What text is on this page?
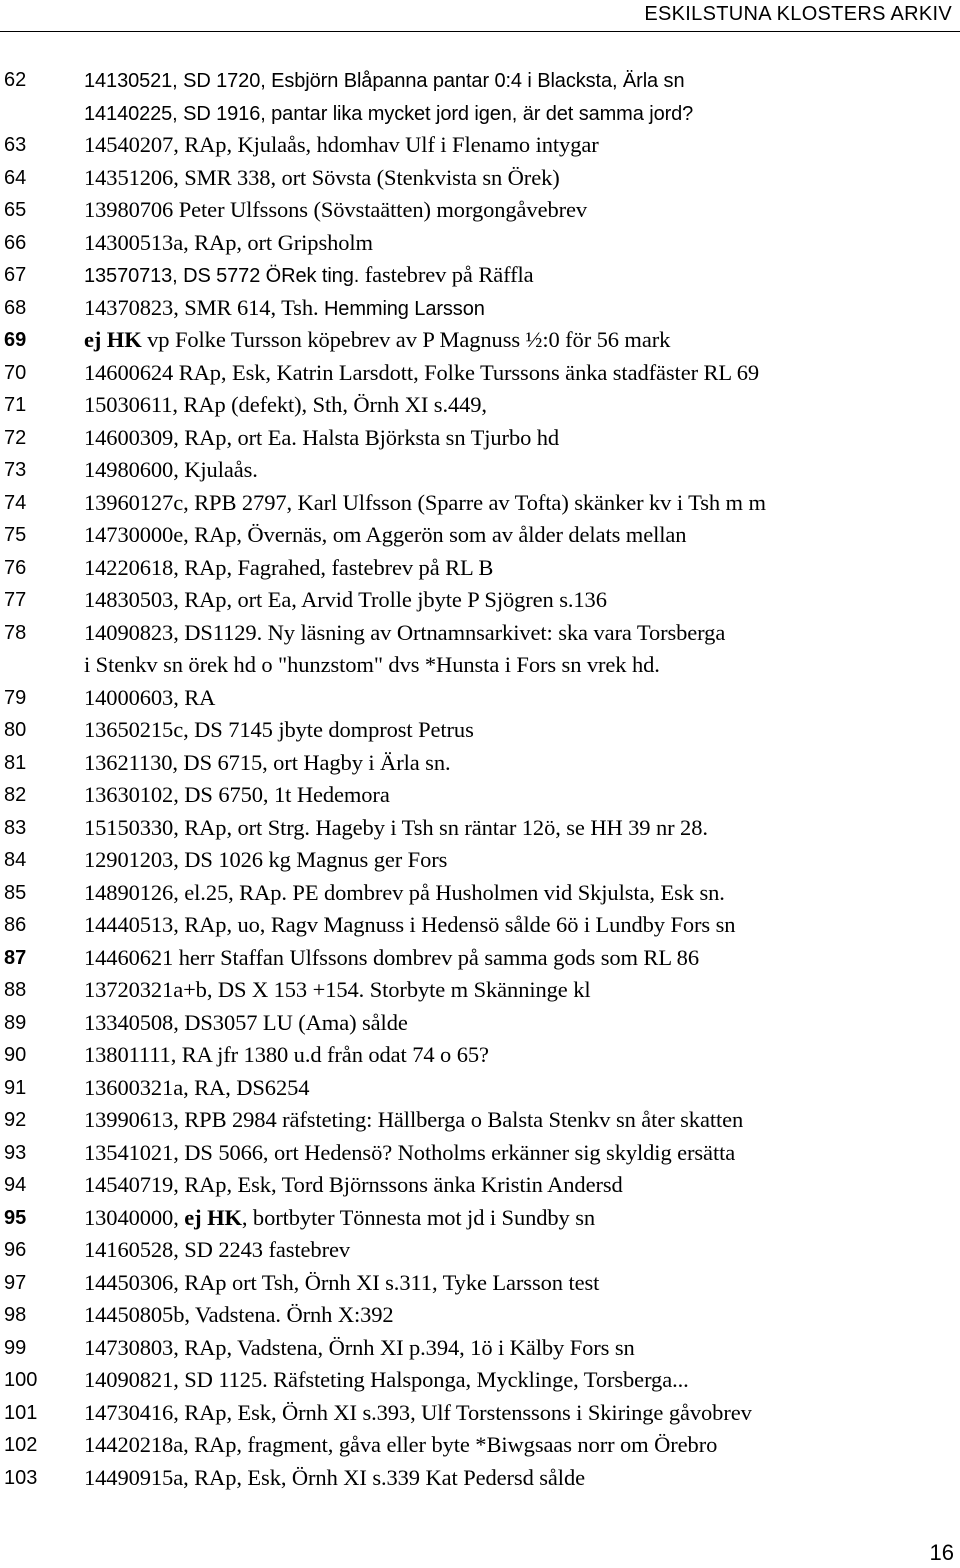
ESKILSTUNA KLOSTERS ARKIV
62	14130521, SD 1720, Esbjörn Blåpanna pantar 0:4 i Blacksta, Ärla sn
14140225, SD 1916, pantar lika mycket jord igen, är det samma jord?
63	14540207, RAp, Kjulaås, hdomhav Ulf i Flenamo intygar
64	14351206, SMR 338, ort Sövsta (Stenkvista sn Örek)
65	13980706 Peter Ulfssons (Sövstaätten) morgongåvebrev
66	14300513a, RAp, ort Gripsholm
67	13570713, DS 5772 ÖRek ting. fastebrev på Räffla
68	14370823, SMR 614, Tsh. Hemming Larsson
69	ej HK vp Folke Tursson köpebrev av P Magnuss ½:0 för 56 mark
70	14600624 RAp, Esk, Katrin Larsdott, Folke Turssons änka stadfäster RL 69
71	15030611, RAp (defekt), Sth, Örnh XI s.449,
72	14600309, RAp, ort Ea. Halsta Björksta sn Tjurbo hd
73	14980600, Kjulaås.
74	13960127c, RPB 2797, Karl Ulfsson (Sparre av Tofta) skänker kv i Tsh m m
75	14730000e, RAp, Övernäs, om Aggerön som av ålder delats mellan
76	14220618, RAp, Fagrahed, fastebrev på RL B
77	14830503, RAp, ort Ea, Arvid Trolle jbyte P Sjögren s.136
78	14090823, DS1129. Ny läsning av Ortnamnsarkivet: ska vara Torsberga
i Stenkv sn örek hd o "hunzstom" dvs *Hunsta i Fors sn vrek hd.
79	14000603, RA
80	13650215c, DS 7145 jbyte domprost Petrus
81	13621130, DS 6715, ort Hagby i Ärla sn.
82	13630102, DS 6750, 1t Hedemora
83	15150330, RAp, ort Strg. Hageby i Tsh sn räntar 12ö, se HH 39 nr 28.
84	12901203, DS 1026 kg Magnus ger Fors
85	14890126, el.25, RAp. PE dombrev på Husholmen vid Skjulsta, Esk sn.
86	14440513, RAp, uo, Ragv Magnuss i Hedensö sålde 6ö i Lundby Fors sn
87	14460621 herr Staffan Ulfssons dombrev på samma gods som RL 86
88	13720321a+b, DS X 153 +154. Storbyte m Skänninge kl
89	13340508, DS3057 LU (Ama) sålde
90	13801111, RA jfr 1380 u.d från odat 74 o 65?
91	13600321a, RA, DS6254
92	13990613, RPB 2984 räfsteting: Hällberga o Balsta Stenkv sn åter skatten
93	13541021, DS 5066, ort Hedensö? Notholms erkänner sig skyldig ersätta
94	14540719, RAp, Esk, Tord Björnssons änka Kristin Andersd
95	13040000, ej HK, bortbyter Tönnesta mot jd i Sundby sn
96	14160528, SD 2243 fastebrev
97	14450306, RAp ort Tsh, Örnh XI s.311, Tyke Larsson test
98	14450805b, Vadstena. Örnh X:392
99	14730803, RAp, Vadstena, Örnh XI p.394, 1ö i Kälby Fors sn
100 14090821, SD 1125. Räfsteting Halsponga, Mycklinge, Torsberga...
101 14730416, RAp, Esk, Örnh XI s.393, Ulf Torstenssons i Skiringe gåvobrev
102 14420218a, RAp, fragment, gåva eller byte *Biwgsaas norr om Örebro
103 14490915a, RAp, Esk, Örnh XI s.339 Kat Pedersd sålde
16
